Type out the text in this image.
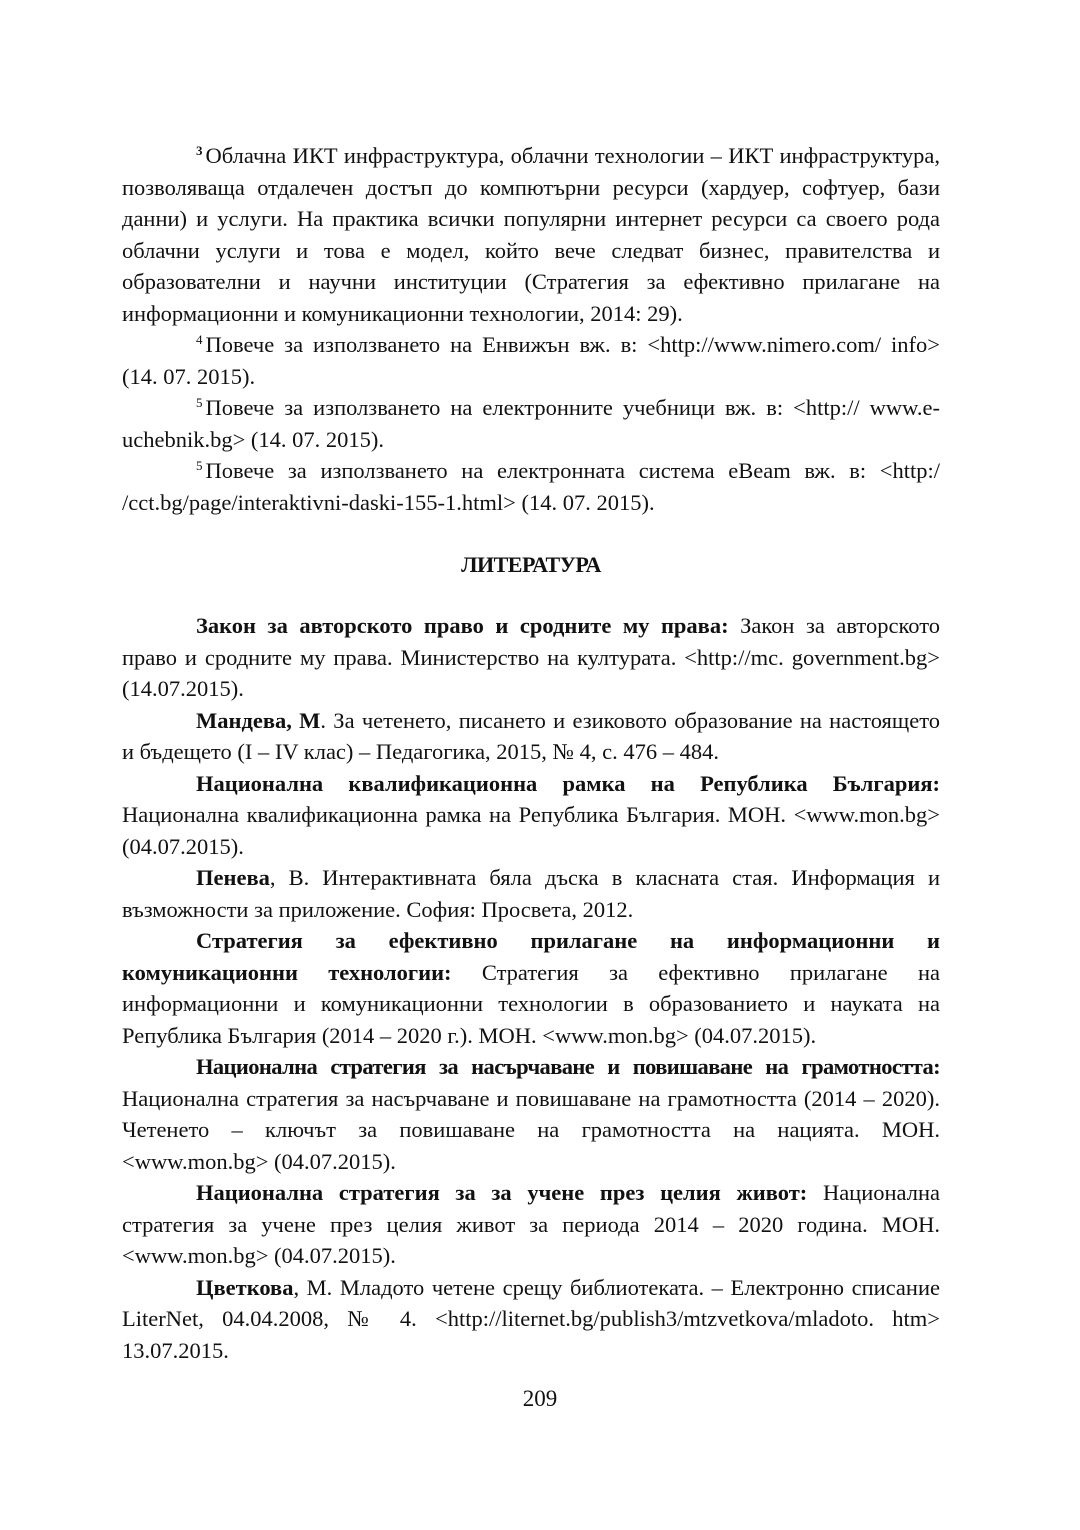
$^3$ Облачна ИКТ инфраструктура, облачни технологии – ИКТ инфраструктура, позволяваща отдалечен достъп до компютърни ресурси (хардуер, софтуер, бази данни) и услуги. На практика всички популярни интернет ресурси са своего рода облачни услуги и това е модел, който вече следват бизнес, правителства и образователни и научни институции (Стратегия за ефективно прилагане на информационни и комуникационни технологии, 2014: 29).

$^4$ Повече за използването на Енвижън вж. в: <http://www.nimero.com/ info> (14. 07. 2015).

$^5$ Повече за използването на електронните учебници вж. в: <http:// www.e-uchebnik.bg> (14. 07. 2015).

$^5$ Повече за използването на електронната система eBeam вж. в: <http:/ /cct.bg/page/interaktivni-daski-155-1.html> (14. 07. 2015).

ЛИТЕРАТУРА

Закон за авторското право и сродните му права: Закон за авторското право и сродните му права. Министерство на културата. <http://mc. government.bg> (14.07.2015).

Мандева, М. За четенето, писането и езиковото образование на настоящето и бъдещето (I – IV клас) – Педагогика, 2015, № 4, с. 476 – 484.

Национална квалификационна рамка на Република България: Национална квалификационна рамка на Република България. МОН. <www.mon.bg> (04.07.2015).

Пенева, В. Интерактивната бяла дъска в класната стая. Информация и възможности за приложение. София: Просвета, 2012.

Стратегия за ефективно прилагане на информационни и комуникационни технологии: Стратегия за ефективно прилагане на информационни и комуникационни технологии в образованието и науката на Република България (2014 – 2020 г.). МОН. <www.mon.bg> (04.07.2015).

Национална стратегия за насърчаване и повишаване на грамотността: Национална стратегия за насърчаване и повишаване на грамотността (2014 – 2020). Четенето – ключът за повишаване на грамотността на нацията. МОН. <www.mon.bg> (04.07.2015).

Национална стратегия за за учене през целия живот: Национална стратегия за учене през целия живот за периода 2014 – 2020 година. МОН. <www.mon.bg> (04.07.2015).

Цветкова, М. Младото четене срещу библиотеката. – Електронно списание LiterNet, 04.04.2008, № 4. <http://liternet.bg/publish3/mtzvetkova/mladoto. htm> 13.07.2015.

209
